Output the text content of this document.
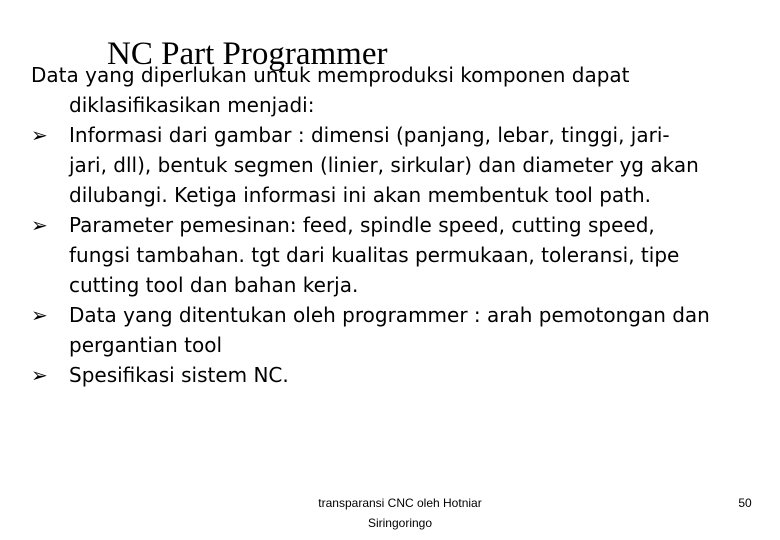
NC Part Programmer
Data yang diperlukan untuk memproduksi komponen dapat
diklasifikasikan menjadi:
➢	Informasi dari gambar : dimensi (panjang, lebar, tinggi, jari-
jari, dll), bentuk segmen (linier, sirkular) dan diameter yg akan
dilubangi. Ketiga informasi ini akan membentuk tool path.
➢	Parameter pemesinan: feed, spindle speed, cutting speed,
fungsi tambahan. tgt dari kualitas permukaan, toleransi, tipe
cutting tool dan bahan kerja.
➢	Data yang ditentukan oleh programmer : arah pemotongan dan
pergantian tool
➢	Spesifikasi sistem NC.
transparansi CNC oleh Hotniar
Siringoringo
50
